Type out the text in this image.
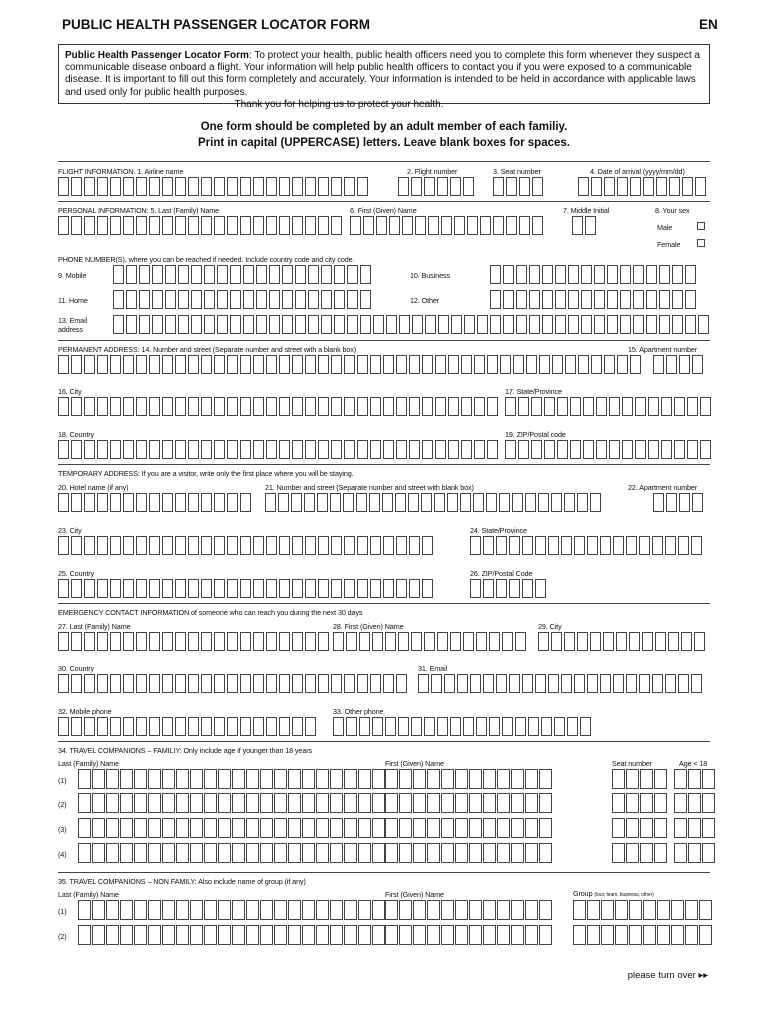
PUBLIC HEALTH PASSENGER LOCATOR FORM	EN
Public Health Passenger Locator Form: To protect your health, public health officers need you to complete this form whenever they suspect a communicable disease onboard a flight. Your information will help public health officers to contact you if you were exposed to a communicable disease. It is important to fill out this form completely and accurately. Your information is intended to be held in accordance with applicable laws and used only for public health purposes.
Thank you for helping us to protect your health.
One form should be completed by an adult member of each familiy.
Print in capital (UPPERCASE) letters. Leave blank boxes for spaces.
FLIGHT INFORMATION. 1. Airline name	2. Flight number	3. Seat number	4. Date of arrival (yyyy/mm/dd)
PERSONAL INFORMATION: 5. Last (Family) Name	6. First (Given) Name	7. Middle Initial	8. Your sex
Male
Female
PHONE NUMBER(S), where you can be reached if needed. Include country code and city code.
9. Mobile	10. Business
11. Home	12. Other
13. Email
address
PERMANENT ADDRESS: 14. Number and street (Separate number and street with a blank box)	15. Apartment number
16. City	17. State/Province
18. Country	19. ZIP/Postal code
TEMPORARY ADDRESS: If you are a visitor, write only the first place where you will be staying.
20. Hotel name (if any)	21. Number and street (Separate number and street with blank box)	22. Apartment number
23. City	24. State/Province
25. Country	26. ZIP/Postal Code
EMERGENCY CONTACT INFORMATION of someone who can reach you during the next 30 days
27. Last (Family) Name	28. First (Given) Name	29. City
30. Country	31. Email
32. Mobile phone	33. Other phone
34. TRAVEL COMPANIONS – FAMILIY: Only include age if younger than 18 years
Last (Family) Name	First (Given) Name	Seat number	Age < 18
(1)
(2)
(3)
(4)
35. TRAVEL COMPANIONS – NON FAMILY: Also include name of group (if any)
Last (Family) Name	First (Given) Name	Group (tour, team, business, other)
(1)
(2)
please turn over ▸▸
